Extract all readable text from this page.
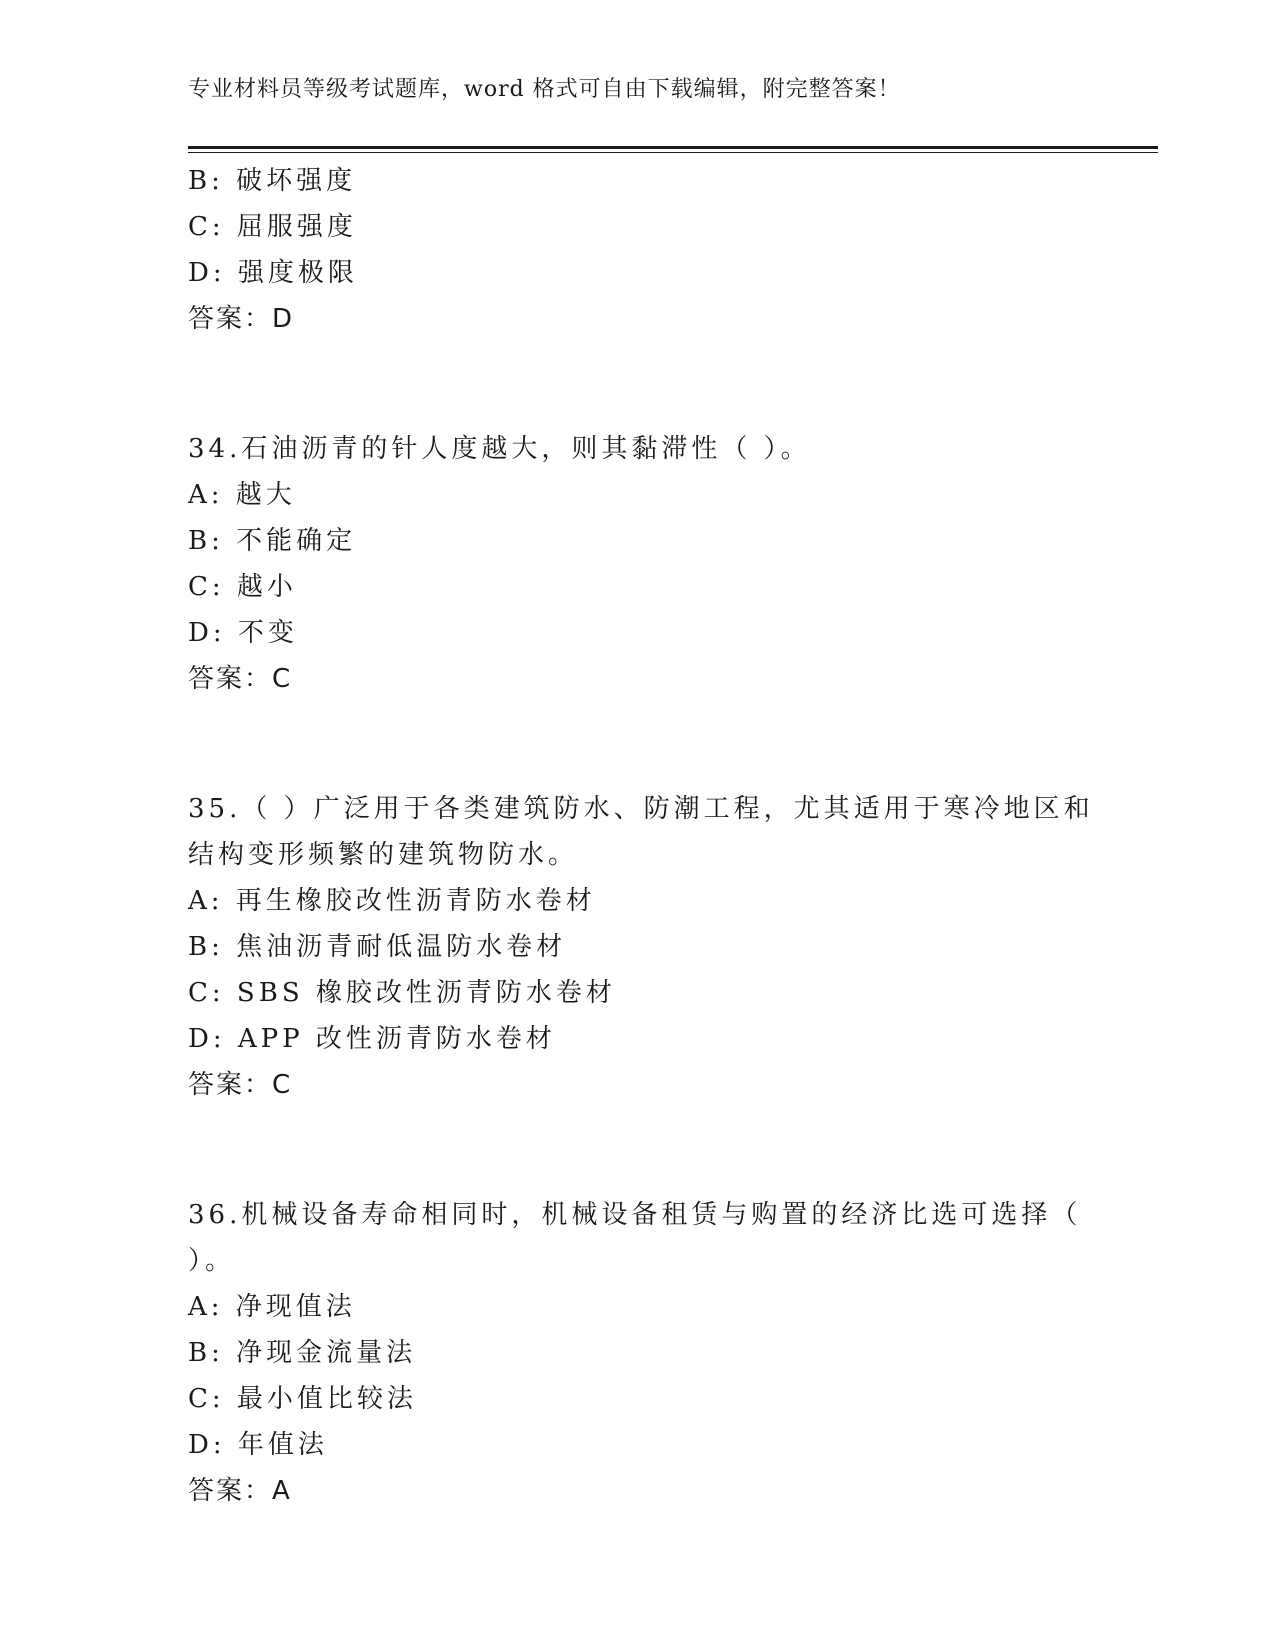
专业材料员等级考试题库，word 格式可自由下载编辑，附完整答案！
B: 破坏强度
C: 屈服强度
D: 强度极限
答案：D
34.石油沥青的针人度越大，则其黏滞性（ ）。
A: 越大
B: 不能确定
C: 越小
D: 不变
答案：C
35.（ ）广泛用于各类建筑防水、防潮工程，尤其适用于寒冷地区和
结构变形频繁的建筑物防水。
A: 再生橡胶改性沥青防水卷材
B: 焦油沥青耐低温防水卷材
C: SBS 橡胶改性沥青防水卷材
D: APP 改性沥青防水卷材
答案：C
36.机械设备寿命相同时，机械设备租赁与购置的经济比选可选择（
）。
A: 净现值法
B: 净现金流量法
C: 最小值比较法
D: 年值法
答案：A
